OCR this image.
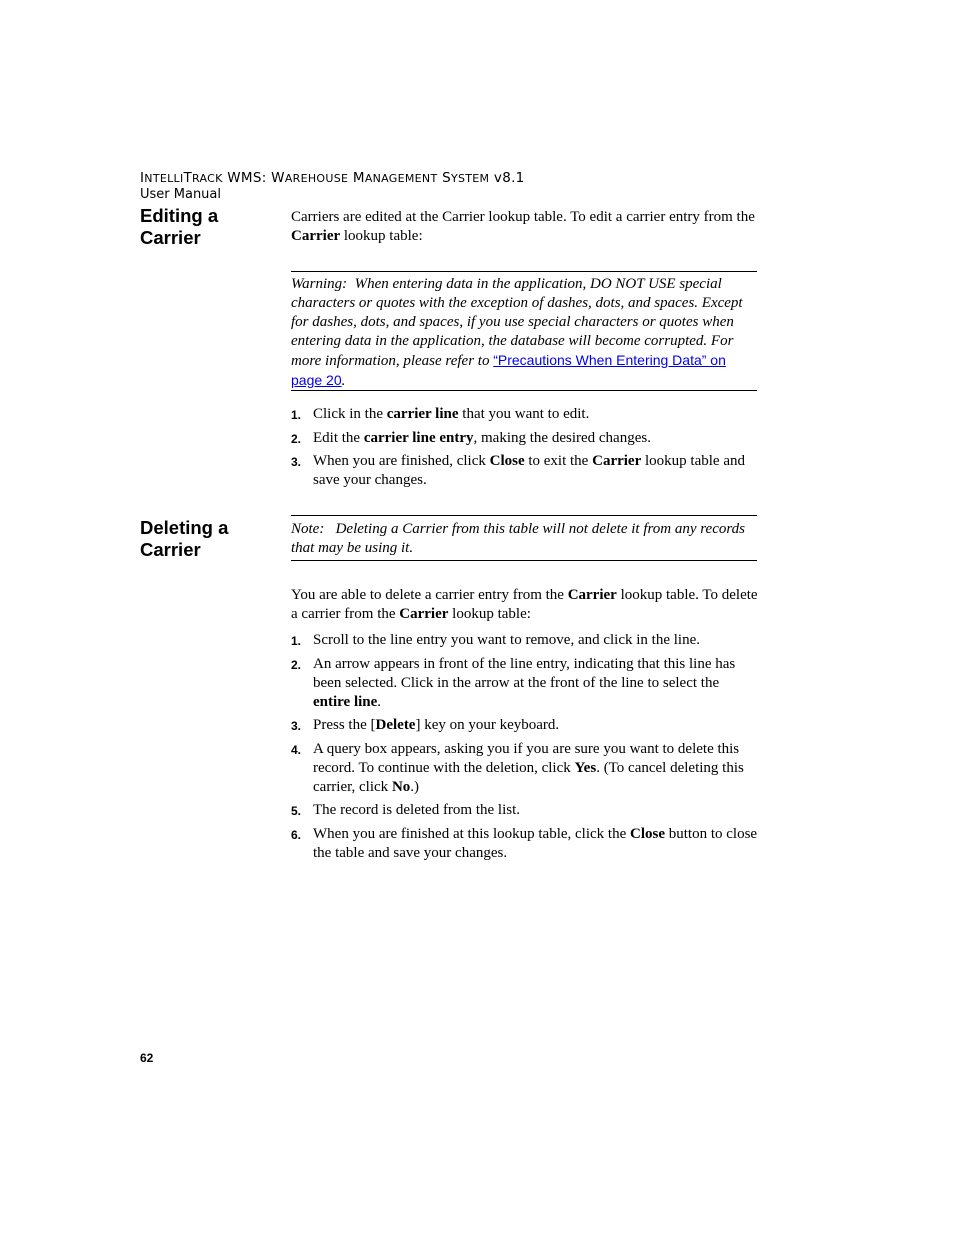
INTELLITRACK WMS: WAREHOUSE MANAGEMENT SYSTEM v8.1
User Manual
Editing a Carrier

Carriers are edited at the Carrier lookup table. To edit a carrier entry from the Carrier lookup table:

Warning:  When entering data in the application, DO NOT USE special characters or quotes with the exception of dashes, dots, and spaces. Except for dashes, dots, and spaces, if you use special characters or quotes when entering data in the application, the database will become corrupted. For more information, please refer to “Precautions When Entering Data” on page 20.

1. Click in the carrier line that you want to edit.
2. Edit the carrier line entry, making the desired changes.
3. When you are finished, click Close to exit the Carrier lookup table and save your changes.
Deleting a Carrier

Note:   Deleting a Carrier from this table will not delete it from any records that may be using it.

You are able to delete a carrier entry from the Carrier lookup table. To delete a carrier from the Carrier lookup table:

1. Scroll to the line entry you want to remove, and click in the line.
2. An arrow appears in front of the line entry, indicating that this line has been selected. Click in the arrow at the front of the line to select the entire line.
3. Press the [Delete] key on your keyboard.
4. A query box appears, asking you if you are sure you want to delete this record. To continue with the deletion, click Yes. (To cancel deleting this carrier, click No.)
5. The record is deleted from the list.
6. When you are finished at this lookup table, click the Close button to close the table and save your changes.
62
